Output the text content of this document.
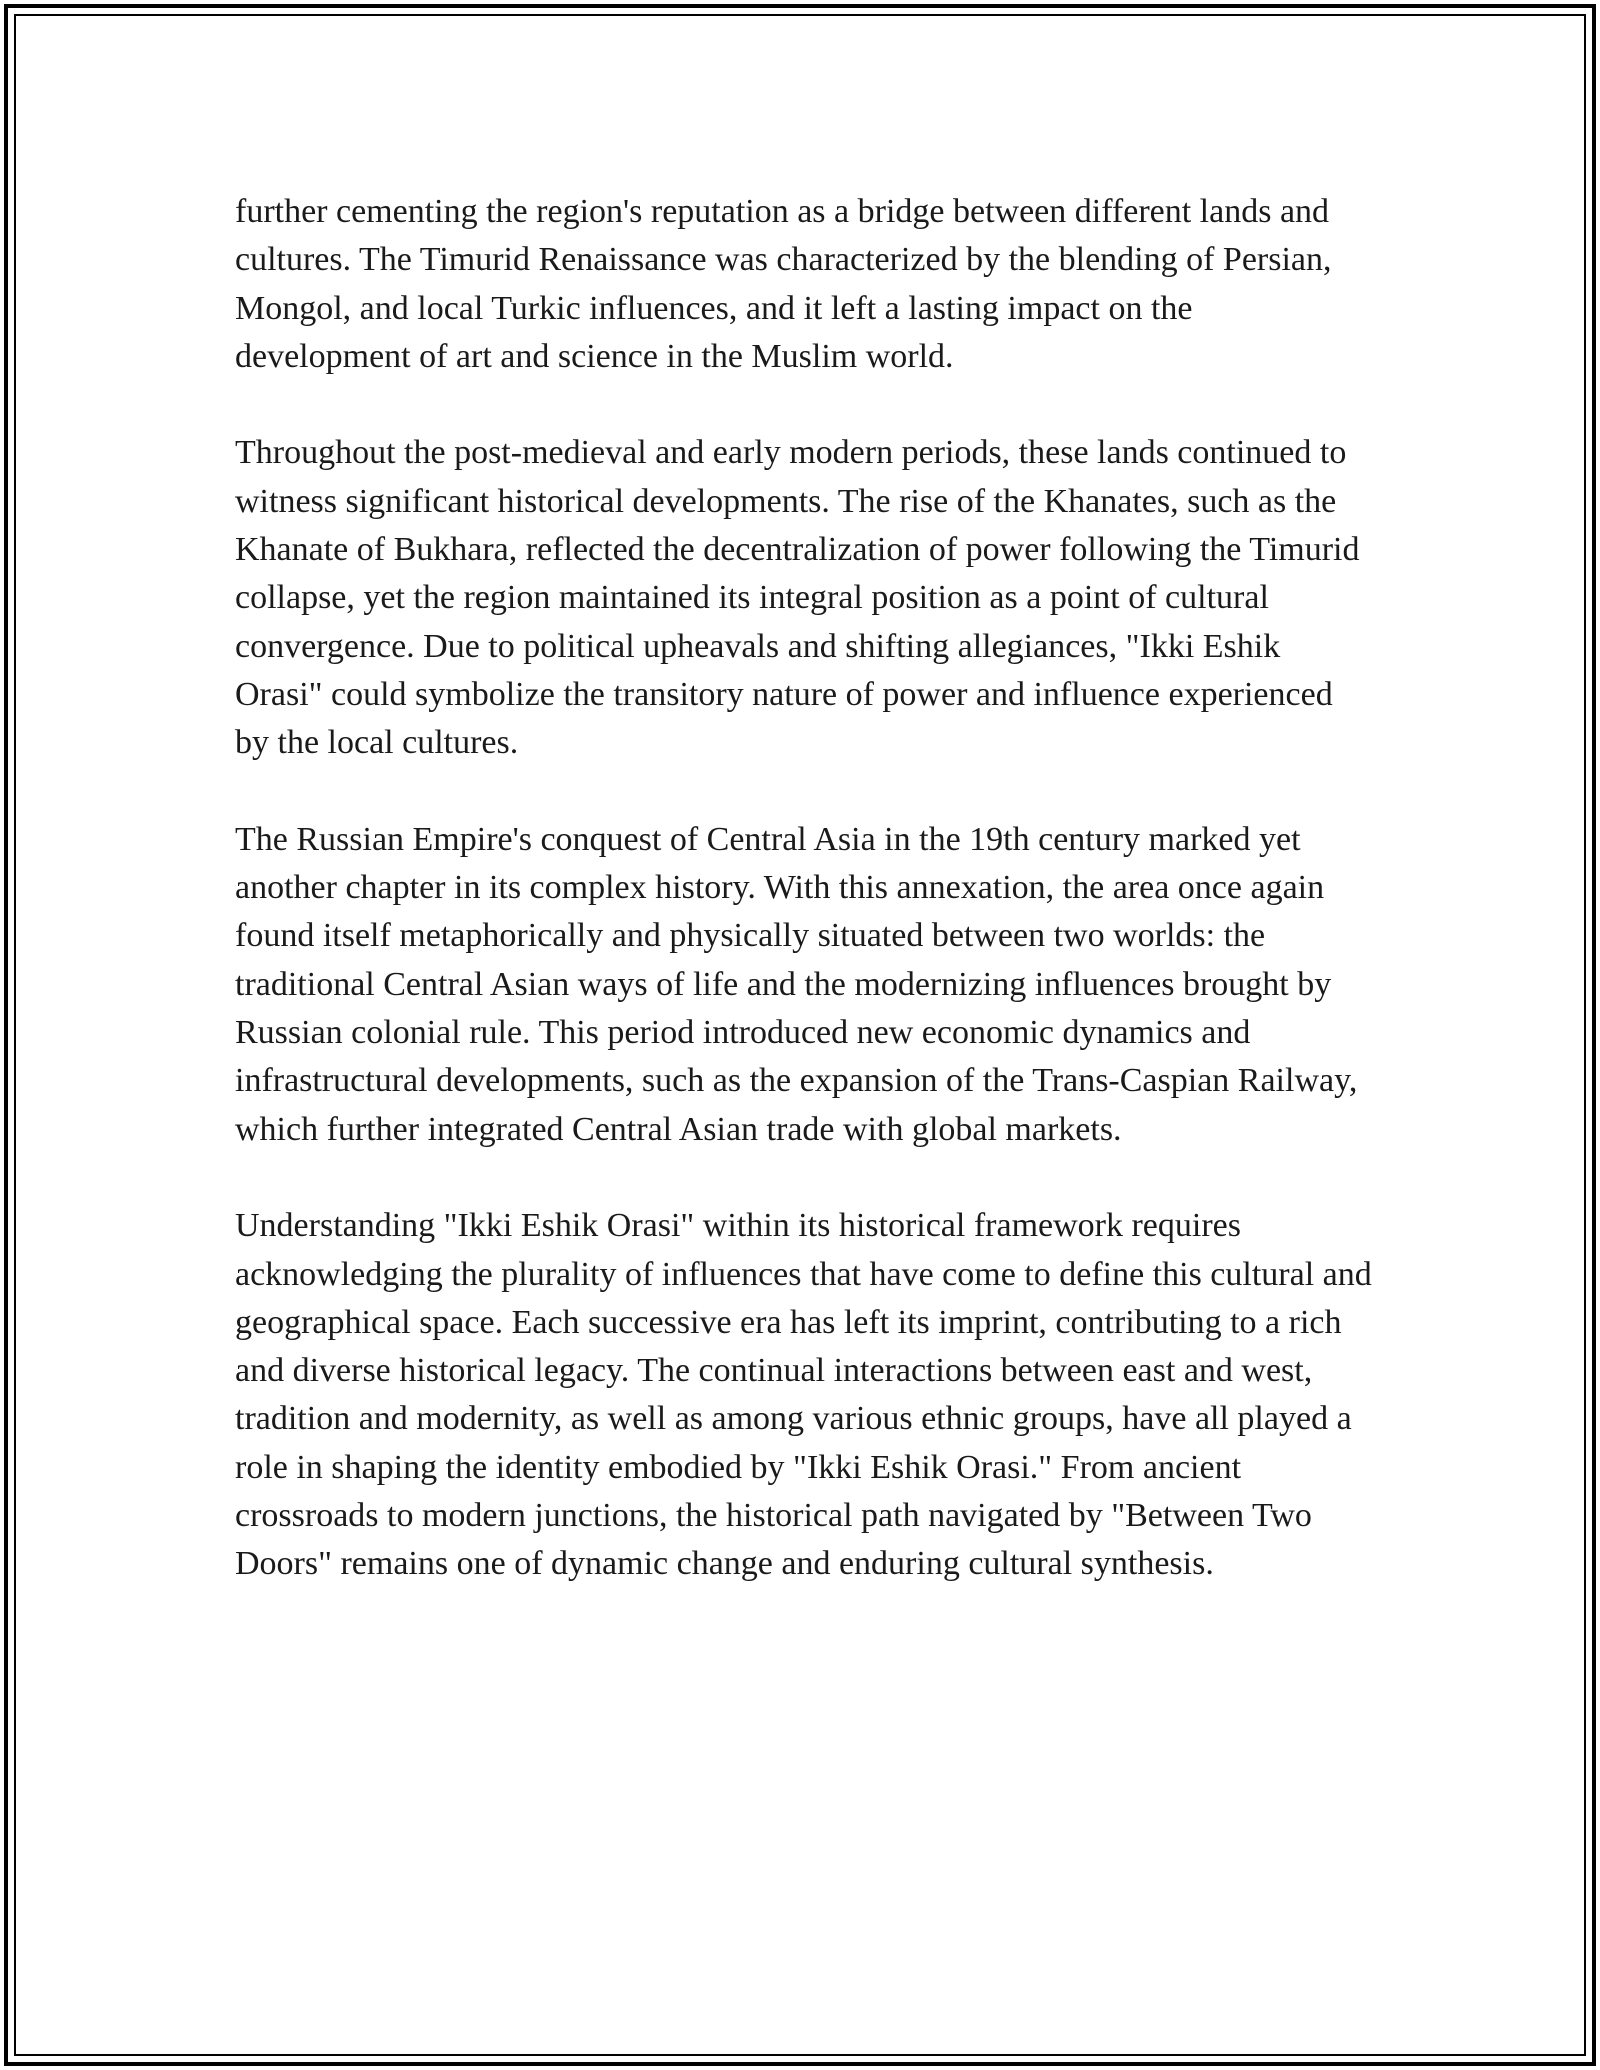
further cementing the region's reputation as a bridge between different lands and cultures. The Timurid Renaissance was characterized by the blending of Persian, Mongol, and local Turkic influences, and it left a lasting impact on the development of art and science in the Muslim world.

Throughout the post-medieval and early modern periods, these lands continued to witness significant historical developments. The rise of the Khanates, such as the Khanate of Bukhara, reflected the decentralization of power following the Timurid collapse, yet the region maintained its integral position as a point of cultural convergence. Due to political upheavals and shifting allegiances, "Ikki Eshik Orasi" could symbolize the transitory nature of power and influence experienced by the local cultures.

The Russian Empire's conquest of Central Asia in the 19th century marked yet another chapter in its complex history. With this annexation, the area once again found itself metaphorically and physically situated between two worlds: the traditional Central Asian ways of life and the modernizing influences brought by Russian colonial rule. This period introduced new economic dynamics and infrastructural developments, such as the expansion of the Trans-Caspian Railway, which further integrated Central Asian trade with global markets.

Understanding "Ikki Eshik Orasi" within its historical framework requires acknowledging the plurality of influences that have come to define this cultural and geographical space. Each successive era has left its imprint, contributing to a rich and diverse historical legacy. The continual interactions between east and west, tradition and modernity, as well as among various ethnic groups, have all played a role in shaping the identity embodied by "Ikki Eshik Orasi." From ancient crossroads to modern junctions, the historical path navigated by "Between Two Doors" remains one of dynamic change and enduring cultural synthesis.
